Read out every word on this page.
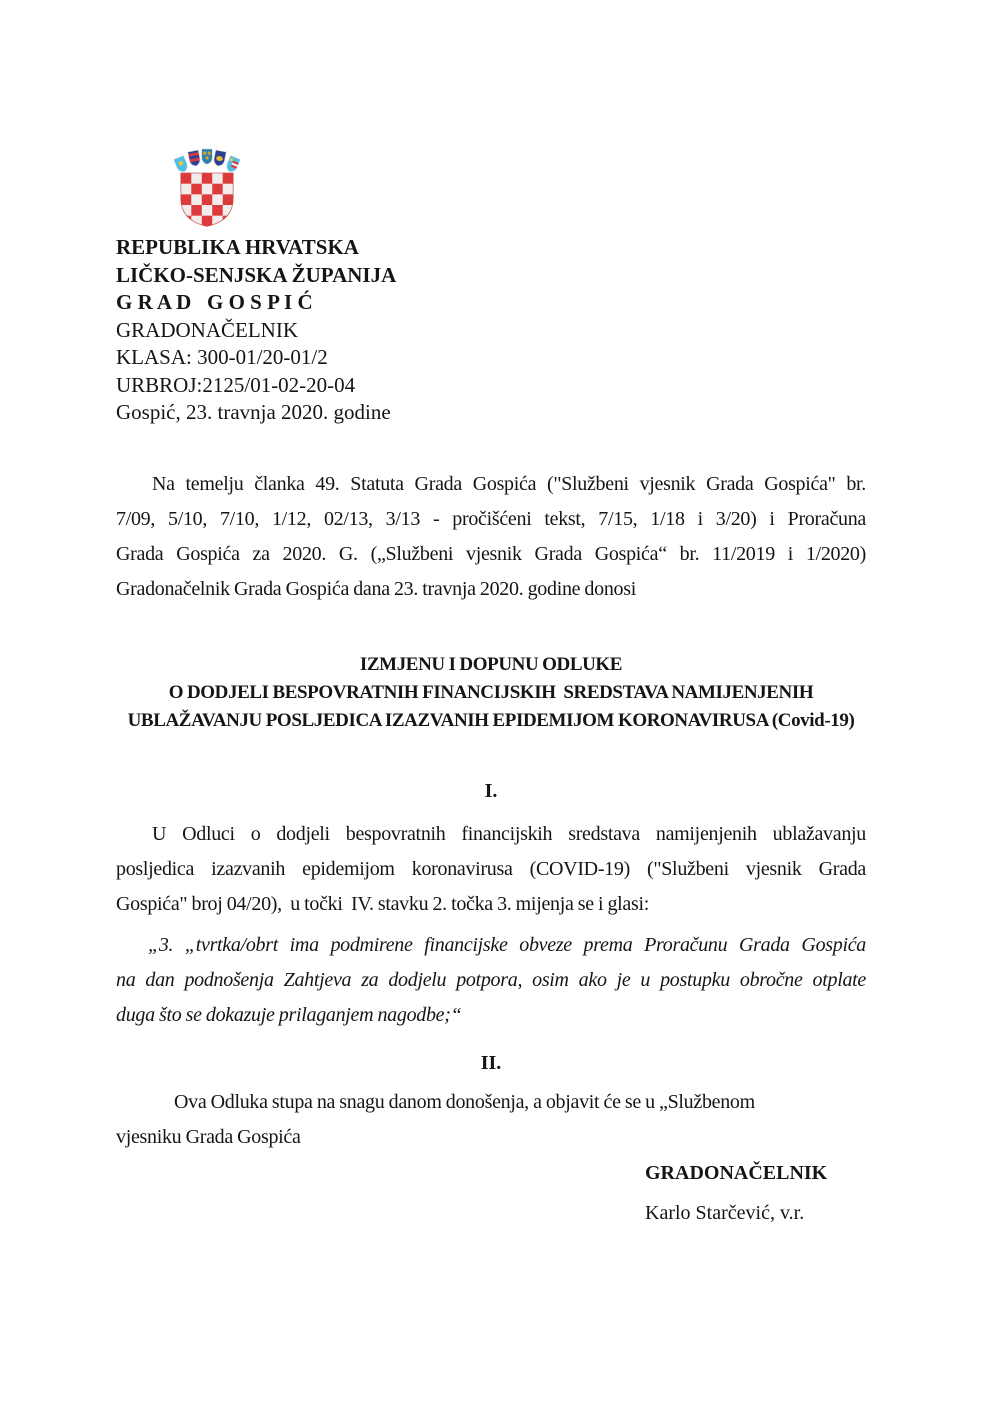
REPUBLIKA HRVATSKA
LIČKO-SENJSKA ŽUPANIJA
G R A D   G O S P I Ć
GRADONAČELNIK
KLASA: 300-01/20-01/2
URBROJ:2125/01-02-20-04
Gospić, 23. travnja 2020. godine
Na temelju članka 49. Statuta Grada Gospića ("Službeni vjesnik Grada Gospića" br.
7/09, 5/10, 7/10, 1/12, 02/13, 3/13 - pročišćeni tekst, 7/15, 1/18 i 3/20) i Proračuna
Grada Gospića za 2020. G. („Službeni vjesnik Grada Gospića“ br. 11/2019 i 1/2020)
Gradonačelnik Grada Gospića dana 23. travnja 2020. godine donosi
IZMJENU I DOPUNU ODLUKE
O DODJELI BESPOVRATNIH FINANCIJSKIH  SREDSTAVA NAMIJENJENIH
UBLAŽAVANJU POSLJEDICA IZAZVANIH EPIDEMIJOM KORONAVIRUSA (Covid-19)
I.
U Odluci o dodjeli bespovratnih financijskih sredstava namijenjenih ublažavanju
posljedica izazvanih epidemijom koronavirusa (COVID-19) ("Službeni vjesnik Grada
Gospića" broj 04/20),  u točki  IV. stavku 2. točka 3. mijenja se i glasi:
„3. „tvrtka/obrt ima podmirene financijske obveze prema Proračunu Grada Gospića
na dan podnošenja Zahtjeva za dodjelu potpora, osim ako je u postupku obročne otplate
duga što se dokazuje prilaganjem nagodbe;“
II.
Ova Odluka stupa na snagu danom donošenja, a objavit će se u „Službenom
vjesniku Grada Gospića
GRADONAČELNIK
Karlo Starčević, v.r.
